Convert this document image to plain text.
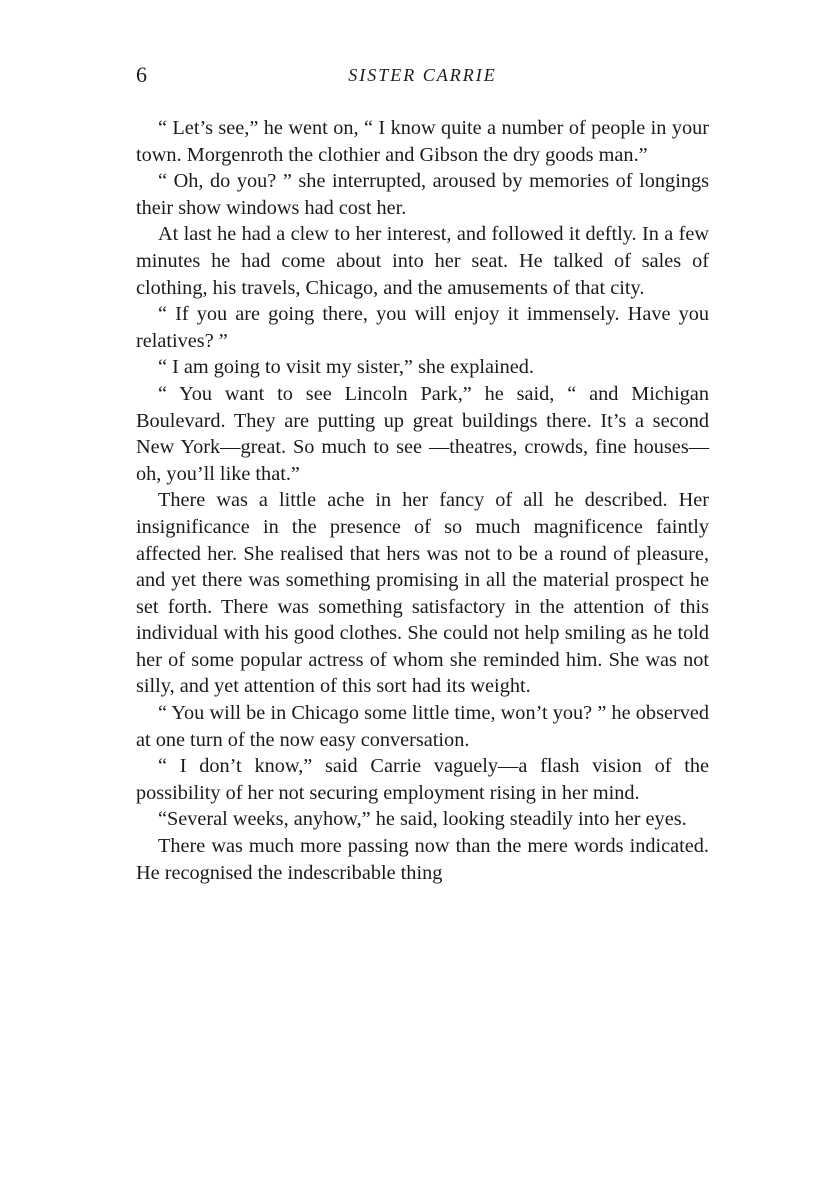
6	SISTER CARRIE

“ Let’s see,” he went on, “ I know quite a number of people in your town. Morgenroth the clothier and Gibson the dry goods man.”

“ Oh, do you? ” she interrupted, aroused by memories of longings their show windows had cost her.

At last he had a clew to her interest, and followed it deftly. In a few minutes he had come about into her seat. He talked of sales of clothing, his travels, Chicago, and the amusements of that city.

“ If you are going there, you will enjoy it immensely. Have you relatives? ”

“ I am going to visit my sister,” she explained.

“ You want to see Lincoln Park,” he said, “ and Michigan Boulevard. They are putting up great buildings there. It’s a second New York—great. So much to see —theatres, crowds, fine houses—oh, you’ll like that.”

There was a little ache in her fancy of all he described. Her insignificance in the presence of so much magnificence faintly affected her. She realised that hers was not to be a round of pleasure, and yet there was something promising in all the material prospect he set forth. There was something satisfactory in the attention of this individual with his good clothes. She could not help smiling as he told her of some popular actress of whom she reminded him. She was not silly, and yet attention of this sort had its weight.

“ You will be in Chicago some little time, won’t you? ” he observed at one turn of the now easy conversation.

“ I don’t know,” said Carrie vaguely—a flash vision of the possibility of her not securing employment rising in her mind.

“Several weeks, anyhow,” he said, looking steadily into her eyes.

There was much more passing now than the mere words indicated. He recognised the indescribable thing
